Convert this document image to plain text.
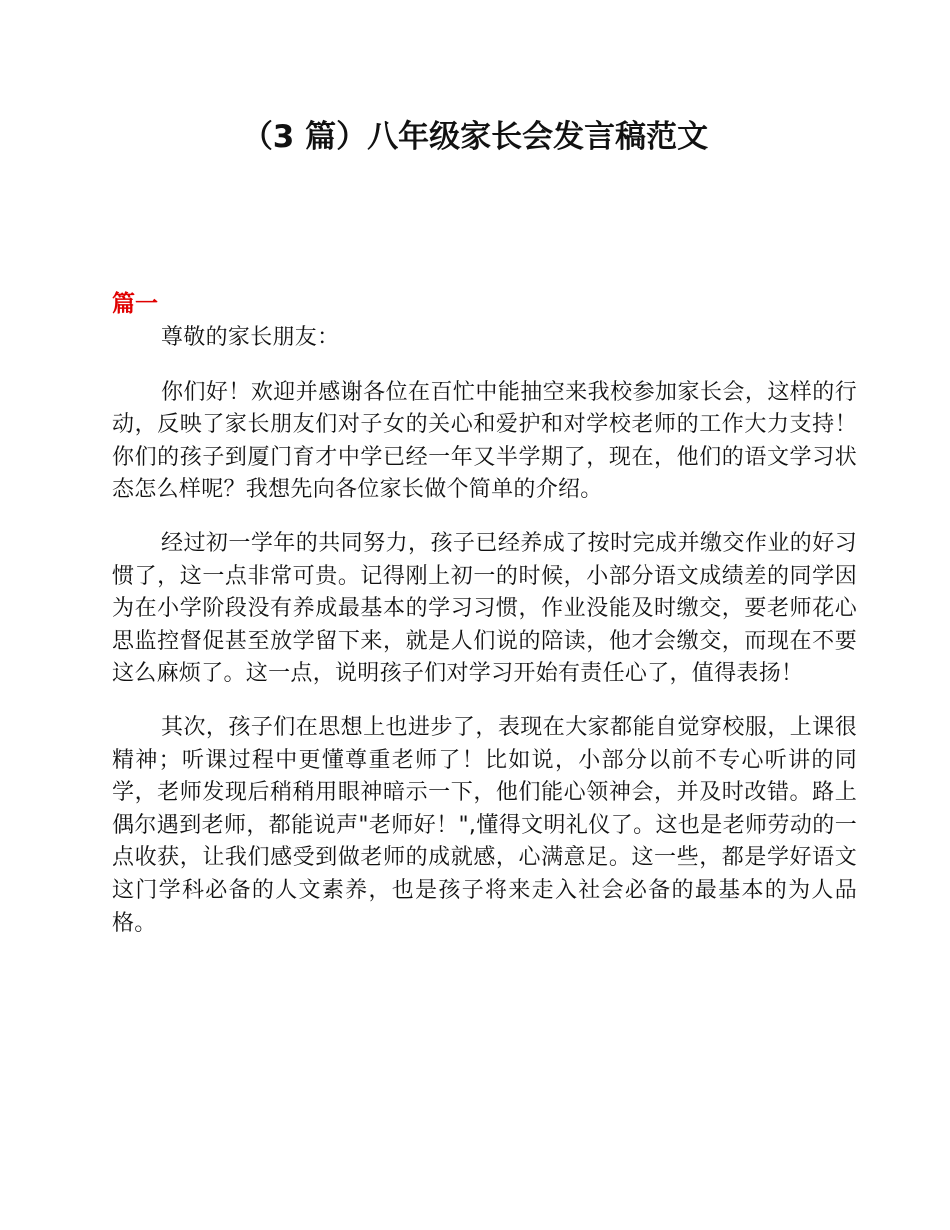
（3 篇）八年级家长会发言稿范文
篇一

尊敬的家长朋友：

你们好！欢迎并感谢各位在百忙中能抽空来我校参加家长会，这样的行动，反映了家长朋友们对子女的关心和爱护和对学校老师的工作大力支持！你们的孩子到厦门育才中学已经一年又半学期了，现在，他们的语文学习状态怎么样呢？我想先向各位家长做个简单的介绍。

经过初一学年的共同努力，孩子已经养成了按时完成并缴交作业的好习惯了，这一点非常可贵。记得刚上初一的时候，小部分语文成绩差的同学因为在小学阶段没有养成最基本的学习习惯，作业没能及时缴交，要老师花心思监控督促甚至放学留下来，就是人们说的陪读，他才会缴交，而现在不要这么麻烦了。这一点，说明孩子们对学习开始有责任心了，值得表扬！

其次，孩子们在思想上也进步了，表现在大家都能自觉穿校服，上课很精神；听课过程中更懂尊重老师了！比如说，小部分以前不专心听讲的同学，老师发现后稍稍用眼神暗示一下，他们能心领神会，并及时改错。路上偶尔遇到老师，都能说声"老师好！",懂得文明礼仪了。这也是老师劳动的一点收获，让我们感受到做老师的成就感，心满意足。这一些，都是学好语文这门学科必备的人文素养，也是孩子将来走入社会必备的最基本的为人品格。
